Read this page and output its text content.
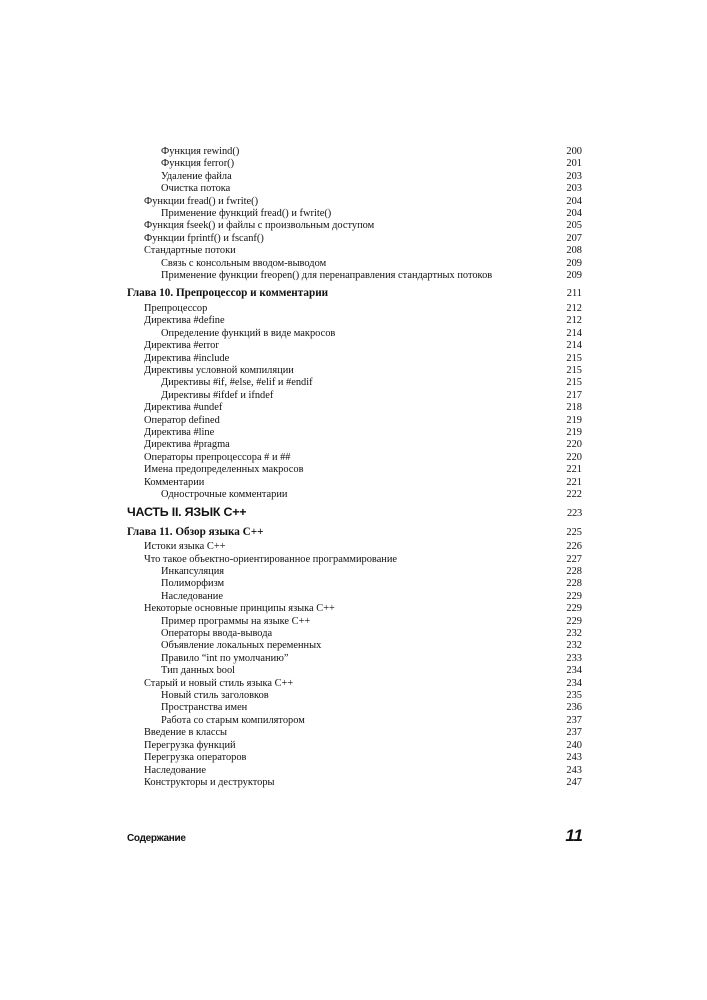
Функция rewind()	200
Функция ferror()	201
Удаление файла	203
Очистка потока	203
Функции fread() и fwrite()	204
Применение функций fread() и fwrite()	204
Функция fseek() и файлы с произвольным доступом	205
Функции fprintf() и fscanf()	207
Стандартные потоки	208
Связь с консольным вводом-выводом	209
Применение функции freopen() для перенаправления стандартных потоков	209
Глава 10. Препроцессор и комментарии	211
Препроцессор	212
Директива #define	212
Определение функций в виде макросов	214
Директива #error	214
Директива #include	215
Директивы условной компиляции	215
Директивы #if, #else, #elif и #endif	215
Директивы #ifdef и ifndef	217
Директива #undef	218
Оператор defined	219
Директива #line	219
Директива #pragma	220
Операторы препроцессора # и ##	220
Имена предопределенных макросов	221
Комментарии	221
Однострочные комментарии	222
ЧАСТЬ II. ЯЗЫК C++	223
Глава 11. Обзор языка C++	225
Истоки языка C++	226
Что такое объектно-ориентированное программирование	227
Инкапсуляция	228
Полиморфизм	228
Наследование	229
Некоторые основные принципы языка C++	229
Пример программы на языке C++	229
Операторы ввода-вывода	232
Объявление локальных переменных	232
Правило “int по умолчанию”	233
Тип данных bool	234
Старый и новый стиль языка C++	234
Новый стиль заголовков	235
Пространства имен	236
Работа со старым компилятором	237
Введение в классы	237
Перегрузка функций	240
Перегрузка операторов	243
Наследование	243
Конструкторы и деструкторы	247
Содержание	11
